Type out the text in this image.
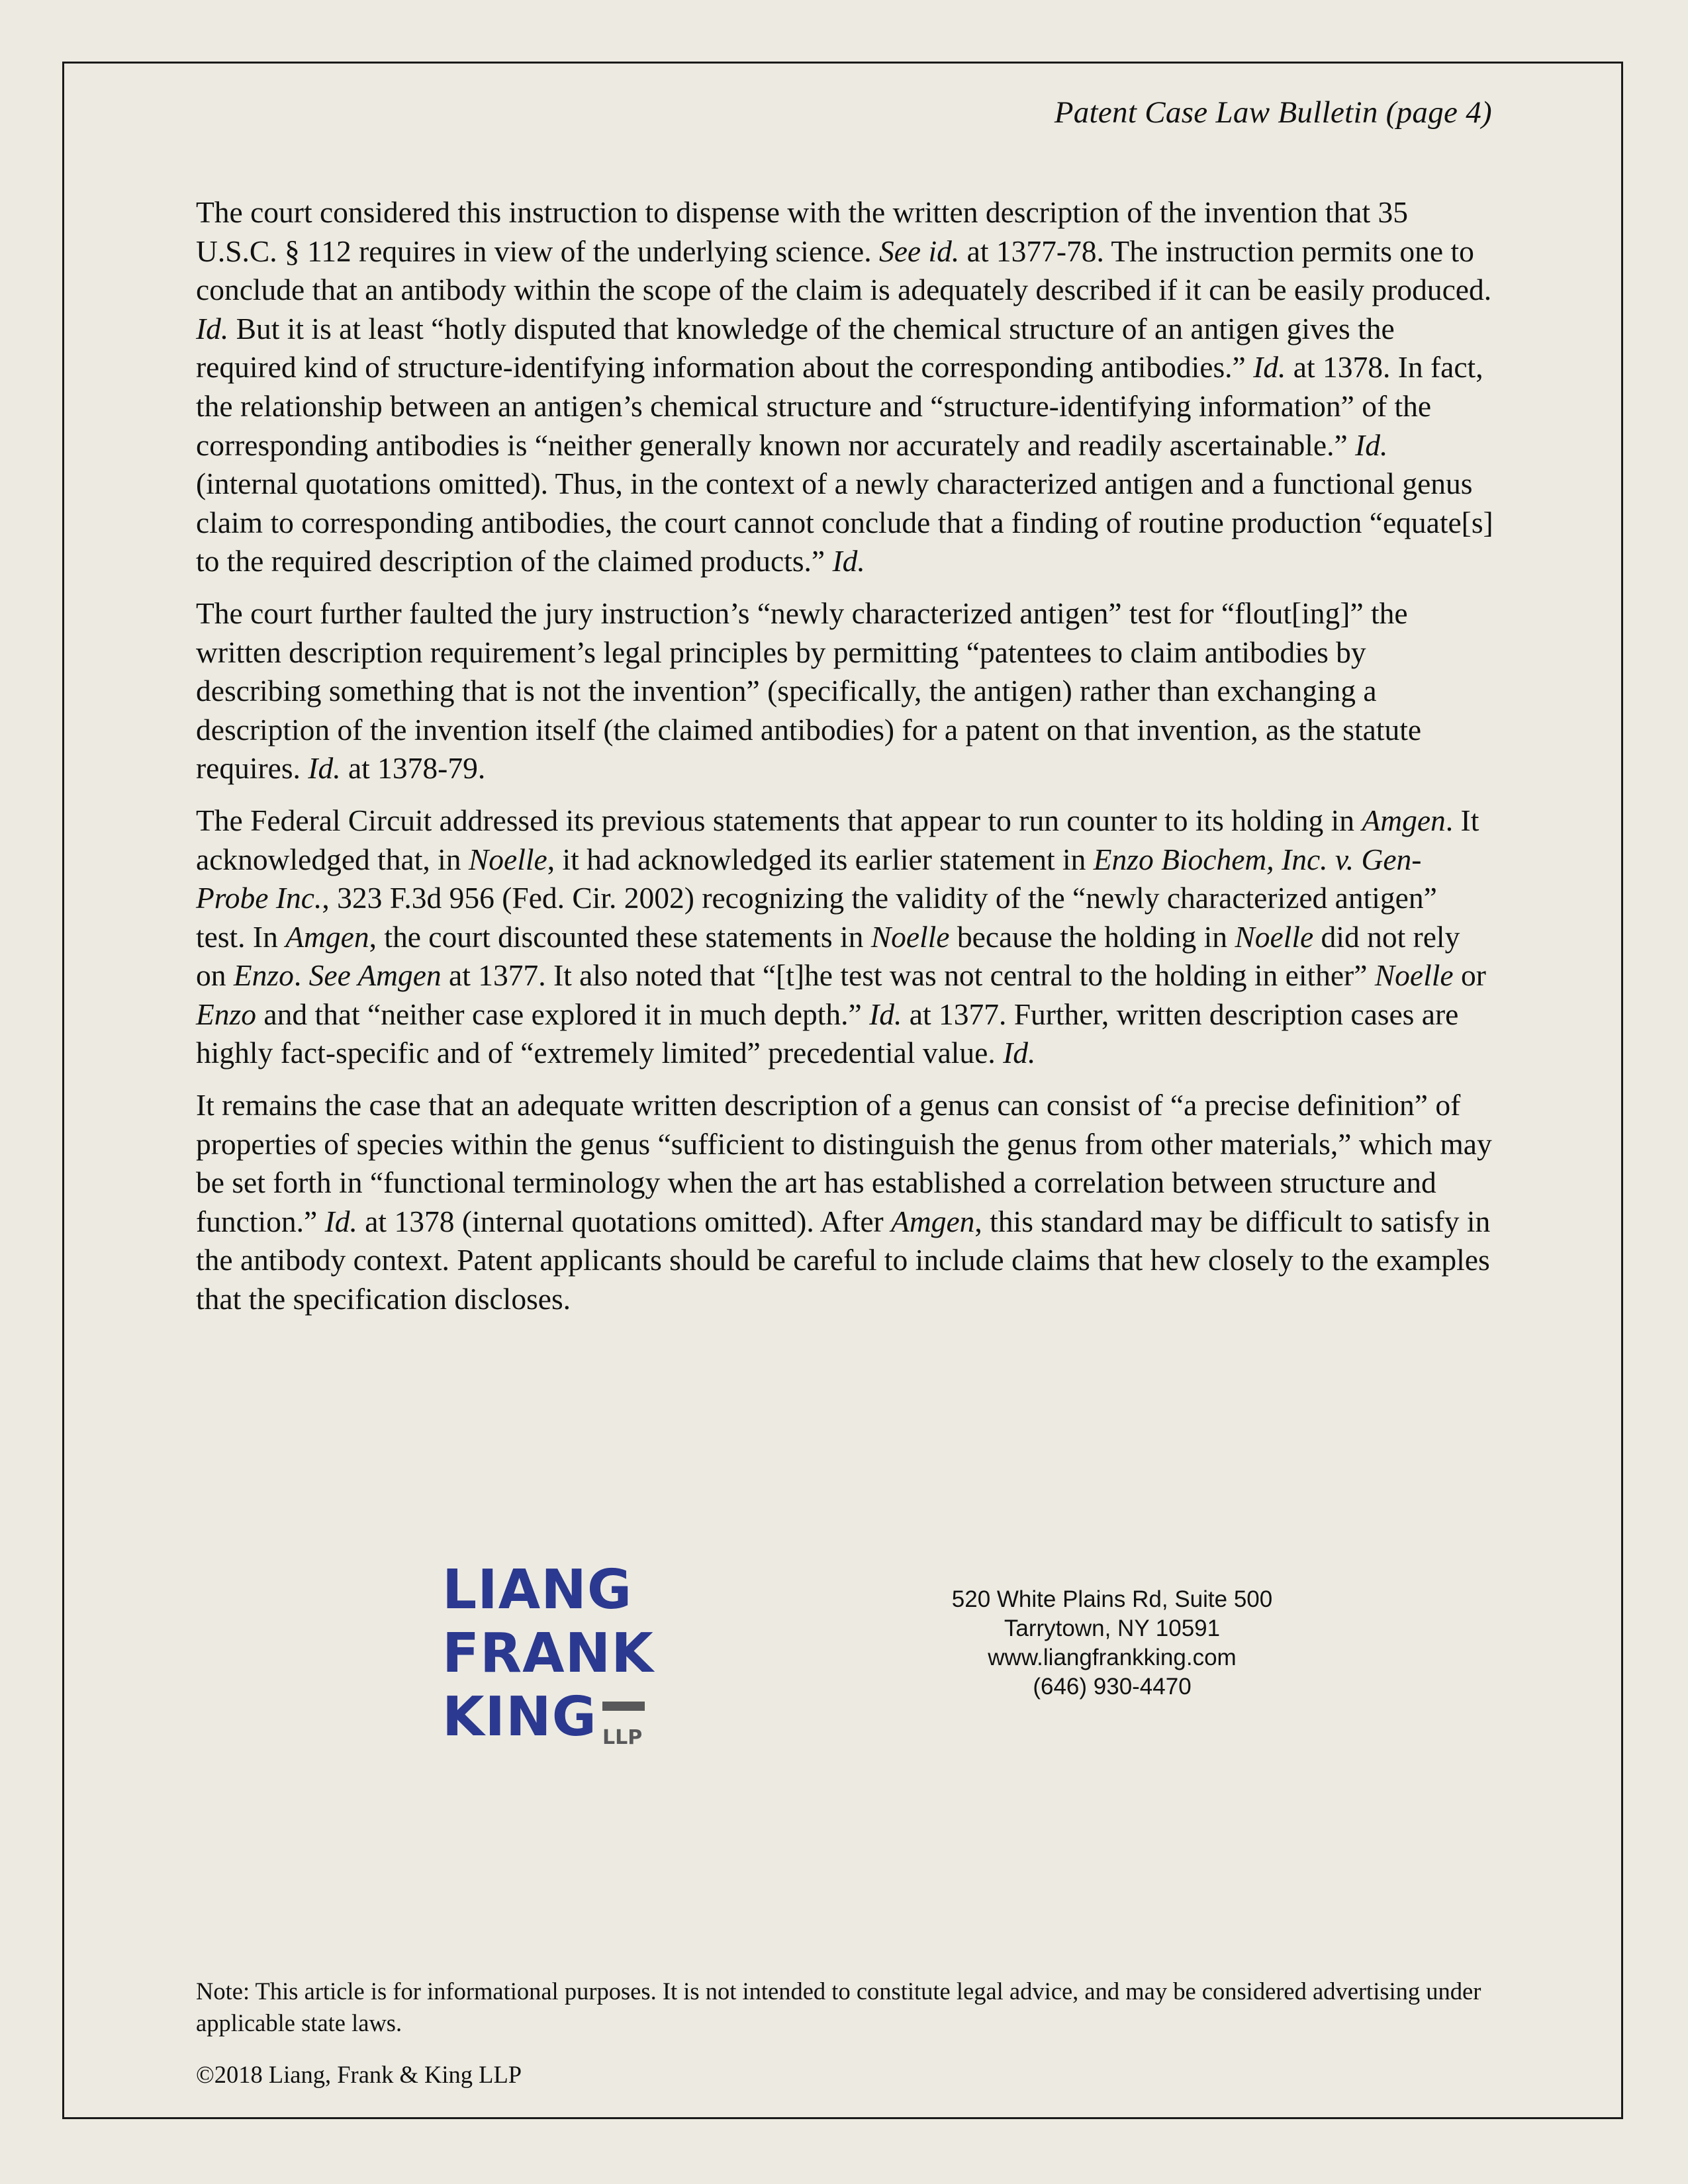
Patent Case Law Bulletin (page 4)

The court considered this instruction to dispense with the written description of the invention that 35 U.S.C. § 112 requires in view of the underlying science. See id. at 1377-78. The instruction permits one to conclude that an antibody within the scope of the claim is adequately described if it can be easily produced. Id. But it is at least “hotly disputed that knowledge of the chemical structure of an antigen gives the required kind of structure-identifying information about the corresponding antibodies.” Id. at 1378. In fact, the relationship between an antigen’s chemical structure and “structure-identifying information” of the corresponding antibodies is “neither generally known nor accurately and readily ascertainable.” Id. (internal quotations omitted). Thus, in the context of a newly characterized antigen and a functional genus claim to corresponding antibodies, the court cannot conclude that a finding of routine production “equate[s] to the required description of the claimed products.” Id.

The court further faulted the jury instruction’s “newly characterized antigen” test for “flout[ing]” the written description requirement’s legal principles by permitting “patentees to claim antibodies by describing something that is not the invention” (specifically, the antigen) rather than exchanging a description of the invention itself (the claimed antibodies) for a patent on that invention, as the statute requires. Id. at 1378-79.

The Federal Circuit addressed its previous statements that appear to run counter to its holding in Amgen. It acknowledged that, in Noelle, it had acknowledged its earlier statement in Enzo Biochem, Inc. v. Gen-Probe Inc., 323 F.3d 956 (Fed. Cir. 2002) recognizing the validity of the “newly characterized antigen” test. In Amgen, the court discounted these statements in Noelle because the holding in Noelle did not rely on Enzo. See Amgen at 1377. It also noted that “[t]he test was not central to the holding in either” Noelle or Enzo and that “neither case explored it in much depth.” Id. at 1377. Further, written description cases are highly fact-specific and of “extremely limited” precedential value. Id.

It remains the case that an adequate written description of a genus can consist of “a precise definition” of properties of species within the genus “sufficient to distinguish the genus from other materials,” which may be set forth in “functional terminology when the art has established a correlation between structure and function.” Id. at 1378 (internal quotations omitted). After Amgen, this standard may be difficult to satisfy in the antibody context. Patent applicants should be careful to include claims that hew closely to the examples that the specification discloses.

LIANG
FRANK
KING LLP
520 White Plains Rd, Suite 500
Tarrytown, NY 10591
www.liangfrankking.com
(646) 930-4470
Note: This article is for informational purposes. It is not intended to constitute legal advice, and may be considered advertising under applicable state laws.
©2018 Liang, Frank & King LLP
